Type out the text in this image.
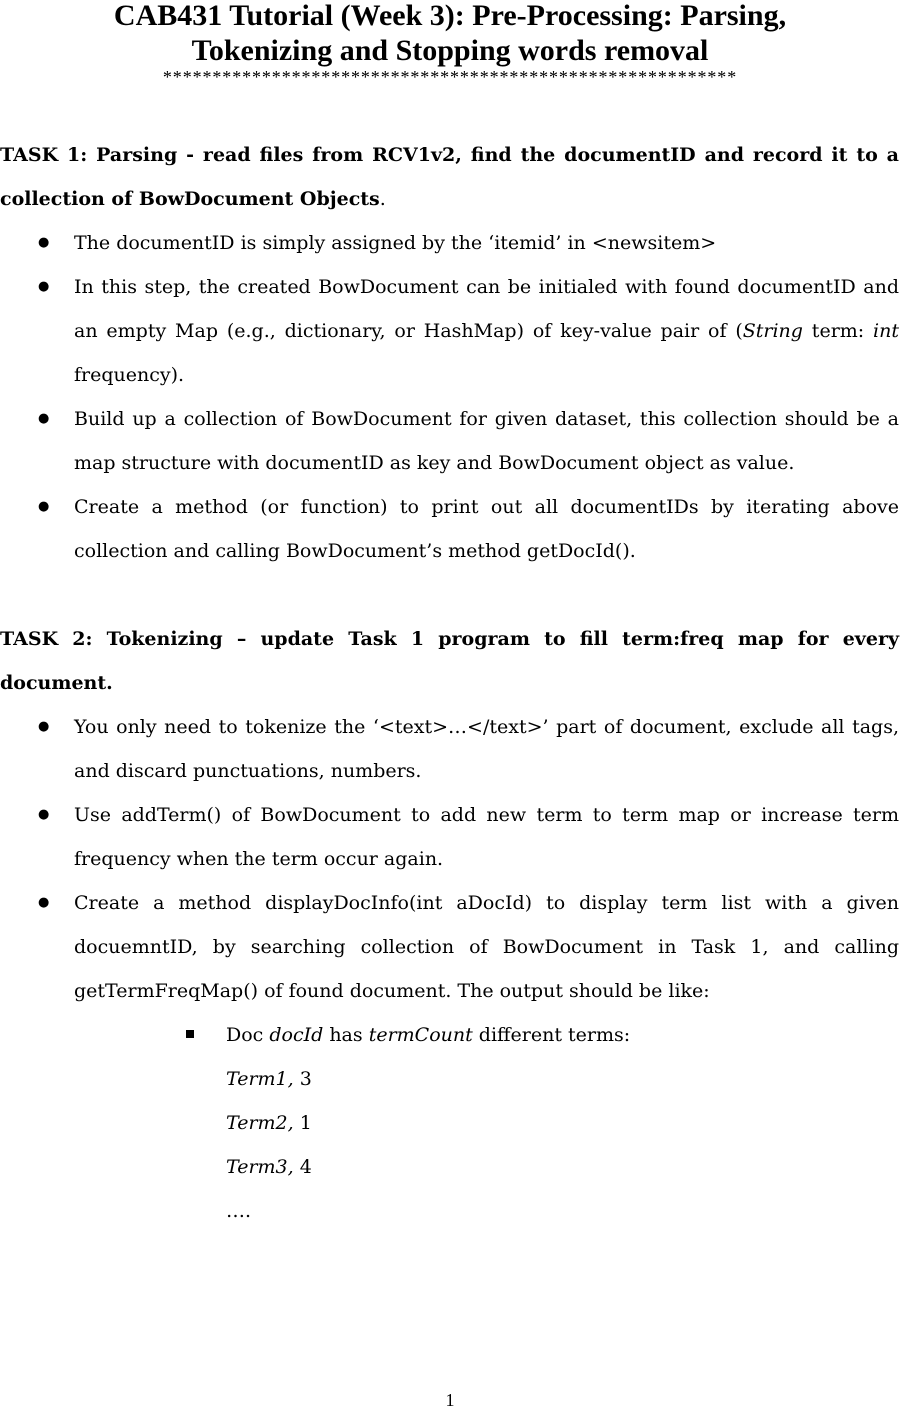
CAB431 Tutorial (Week 3): Pre-Processing: Parsing,
Tokenizing and Stopping words removal
**********************************************************

TASK 1: Parsing - read files from RCV1v2, find the documentID and record it to a collection of BowDocument Objects.

● The documentID is simply assigned by the ‘itemid’ in <newsitem>
● In this step, the created BowDocument can be initialed with found documentID and an empty Map (e.g., dictionary, or HashMap) of key-value pair of (String term: int frequency).
● Build up a collection of BowDocument for given dataset, this collection should be a map structure with documentID as key and BowDocument object as value.
● Create a method (or function) to print out all documentIDs by iterating above collection and calling BowDocument’s method getDocId().

TASK 2: Tokenizing – update Task 1 program to fill term:freq map for every document.

● You only need to tokenize the ‘<text>…</text>’ part of document, exclude all tags, and discard punctuations, numbers.
● Use addTerm() of BowDocument to add new term to term map or increase term frequency when the term occur again.
● Create a method displayDocInfo(int aDocId) to display term list with a given docuemntID, by searching collection of BowDocument in Task 1, and calling getTermFreqMap() of found document. The output should be like:
Doc docId has termCount different terms:
Term1, 3
Term2, 1
Term3, 4
….
1
